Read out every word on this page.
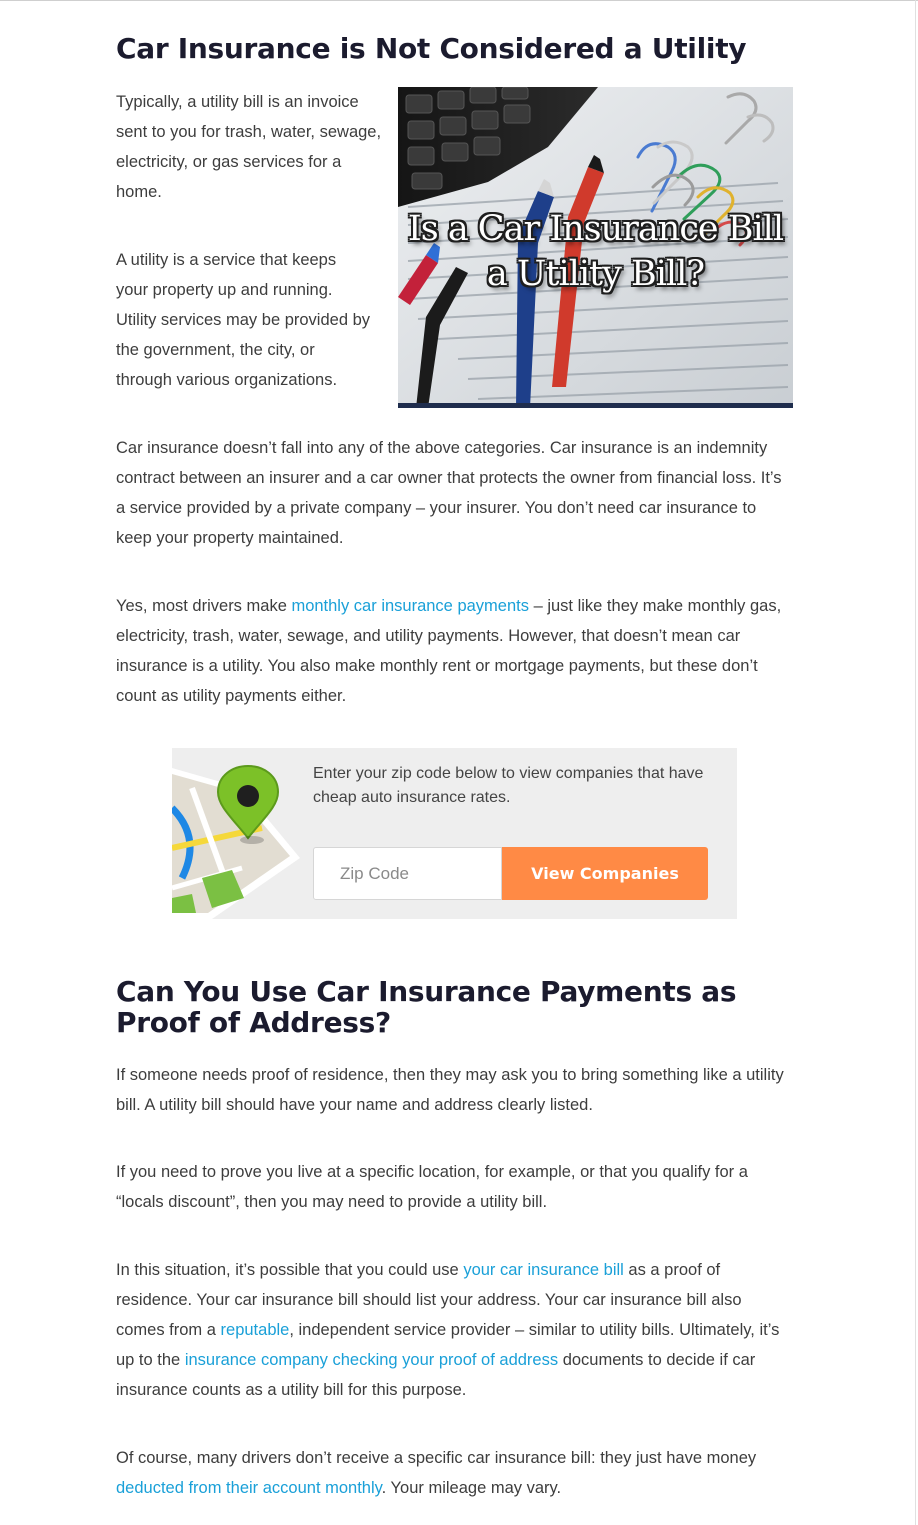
Car Insurance is Not Considered a Utility

Typically, a utility bill is an invoice sent to you for trash, water, sewage, electricity, or gas services for a home.

A utility is a service that keeps your property up and running. Utility services may be provided by the government, the city, or through various organizations.

Car insurance doesn’t fall into any of the above categories. Car insurance is an indemnity contract between an insurer and a car owner that protects the owner from financial loss. It’s a service provided by a private company – your insurer. You don’t need car insurance to keep your property maintained.

Yes, most drivers make monthly car insurance payments – just like they make monthly gas, electricity, trash, water, sewage, and utility payments. However, that doesn’t mean car insurance is a utility. You also make monthly rent or mortgage payments, but these don’t count as utility payments either.

Can You Use Car Insurance Payments as Proof of Address?

If someone needs proof of residence, then they may ask you to bring something like a utility bill. A utility bill should have your name and address clearly listed.

If you need to prove you live at a specific location, for example, or that you qualify for a “locals discount”, then you may need to provide a utility bill.

In this situation, it’s possible that you could use your car insurance bill as a proof of residence. Your car insurance bill should list your address. Your car insurance bill also comes from a reputable, independent service provider – similar to utility bills. Ultimately, it’s up to the insurance company checking your proof of address documents to decide if car insurance counts as a utility bill for this purpose.

Of course, many drivers don’t receive a specific car insurance bill: they just have money deducted from their account monthly. Your mileage may vary.

Is a Car Insurance Bill a Utility Bill?
Enter your zip code below to view companies that have cheap auto insurance rates.
Zip Code
View Companies
